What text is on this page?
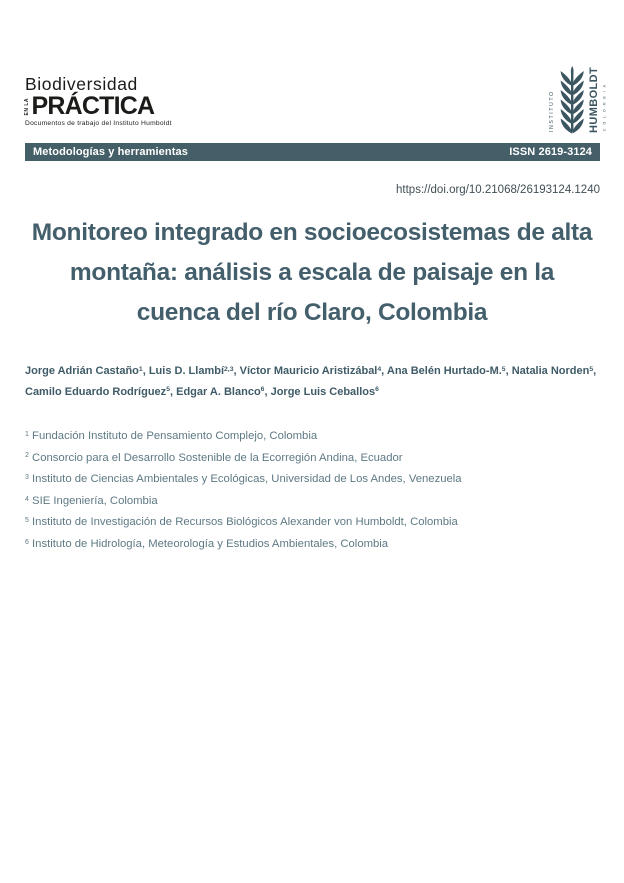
Biodiversidad
EN LA PRÁCTICA
Documentos de trabajo del Instituto Humboldt	INSTITUTO	HUMBOLDT COLOMBIA
Metodologías y herramientas	ISSN 2619-3124
https://doi.org/10.21068/26193124.1240
Monitoreo integrado en socioecosistemas de alta
montaña: análisis a escala de paisaje en la
cuenca del río Claro, Colombia
Jorge Adrián Castaño$^1$, Luis D. Llambí$^{2,3}$, Víctor Mauricio Aristizábal$^4$, Ana Belén Hurtado-M.$^5$, Natalia Norden$^5$,
Camilo Eduardo Rodríguez$^5$, Edgar A. Blanco$^6$, Jorge Luis Ceballos$^6$
$^1$ Fundación Instituto de Pensamiento Complejo, Colombia
$^2$ Consorcio para el Desarrollo Sostenible de la Ecorregión Andina, Ecuador
$^3$ Instituto de Ciencias Ambientales y Ecológicas, Universidad de Los Andes, Venezuela
$^4$ SIE Ingeniería, Colombia
$^5$ Instituto de Investigación de Recursos Biológicos Alexander von Humboldt, Colombia
$^6$ Instituto de Hidrología, Meteorología y Estudios Ambientales, Colombia
